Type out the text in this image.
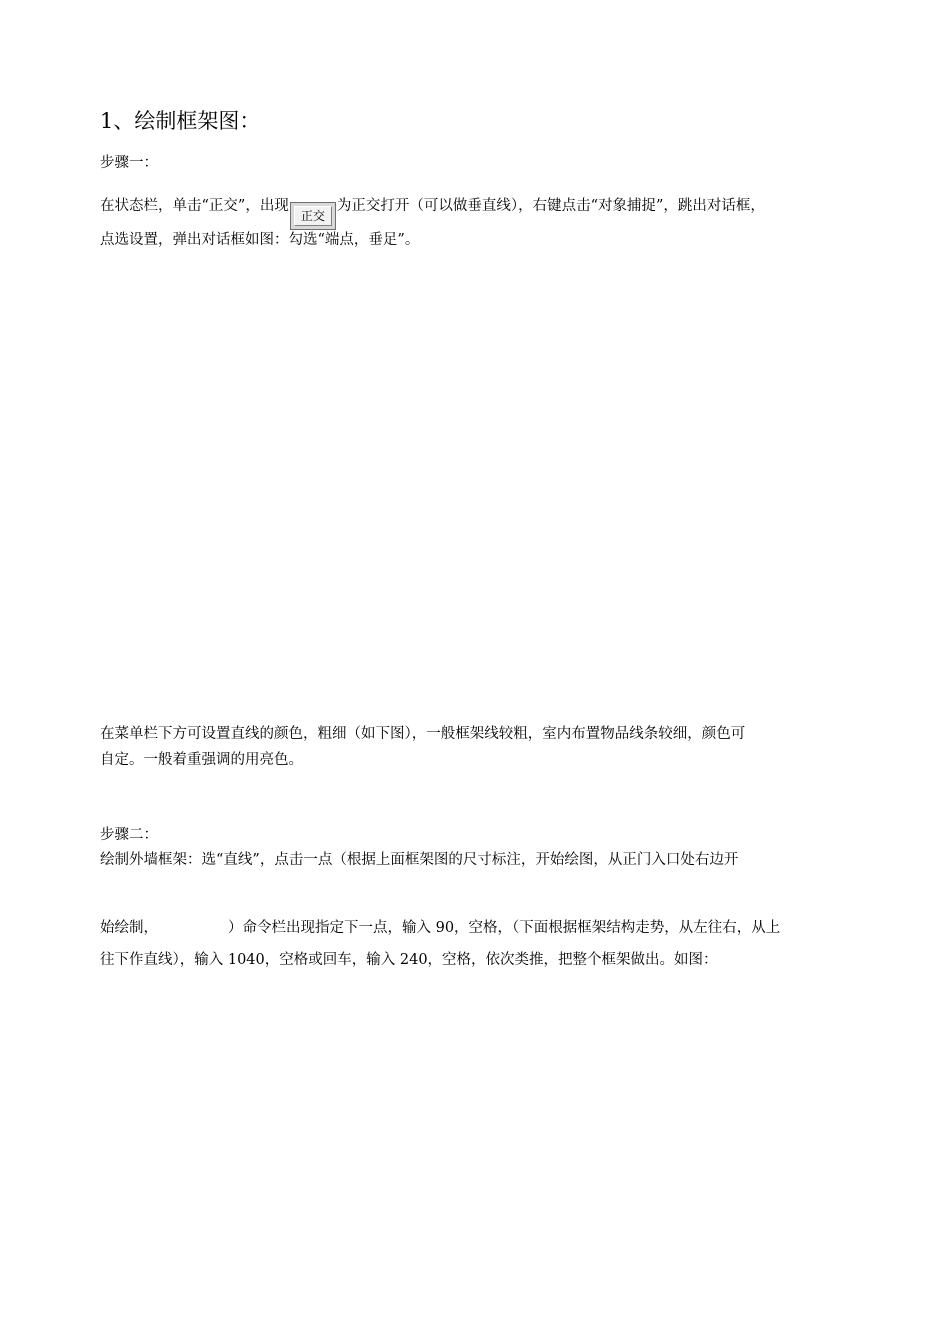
1、绘制框架图：
步骤一：
在状态栏，单击“正交”，出现
正交
为正交打开（可以做垂直线），右键点击“对象捕捉”，跳出对话框，
点选设置，弹出对话框如图：勾选“端点，垂足”。
在菜单栏下方可设置直线的颜色，粗细（如下图），一般框架线较粗，室内布置物品线条较细，颜色可
自定。一般着重强调的用亮色。
步骤二：
绘制外墙框架：选“直线”，点击一点（根据上面框架图的尺寸标注，开始绘图，从正门入口处右边开
始绘制，	）命令栏出现指定下一点，输入 90，空格，（下面根据框架结构走势，从左往右，从上
往下作直线），输入 1040，空格或回车，输入 240，空格，依次类推，把整个框架做出。如图：
